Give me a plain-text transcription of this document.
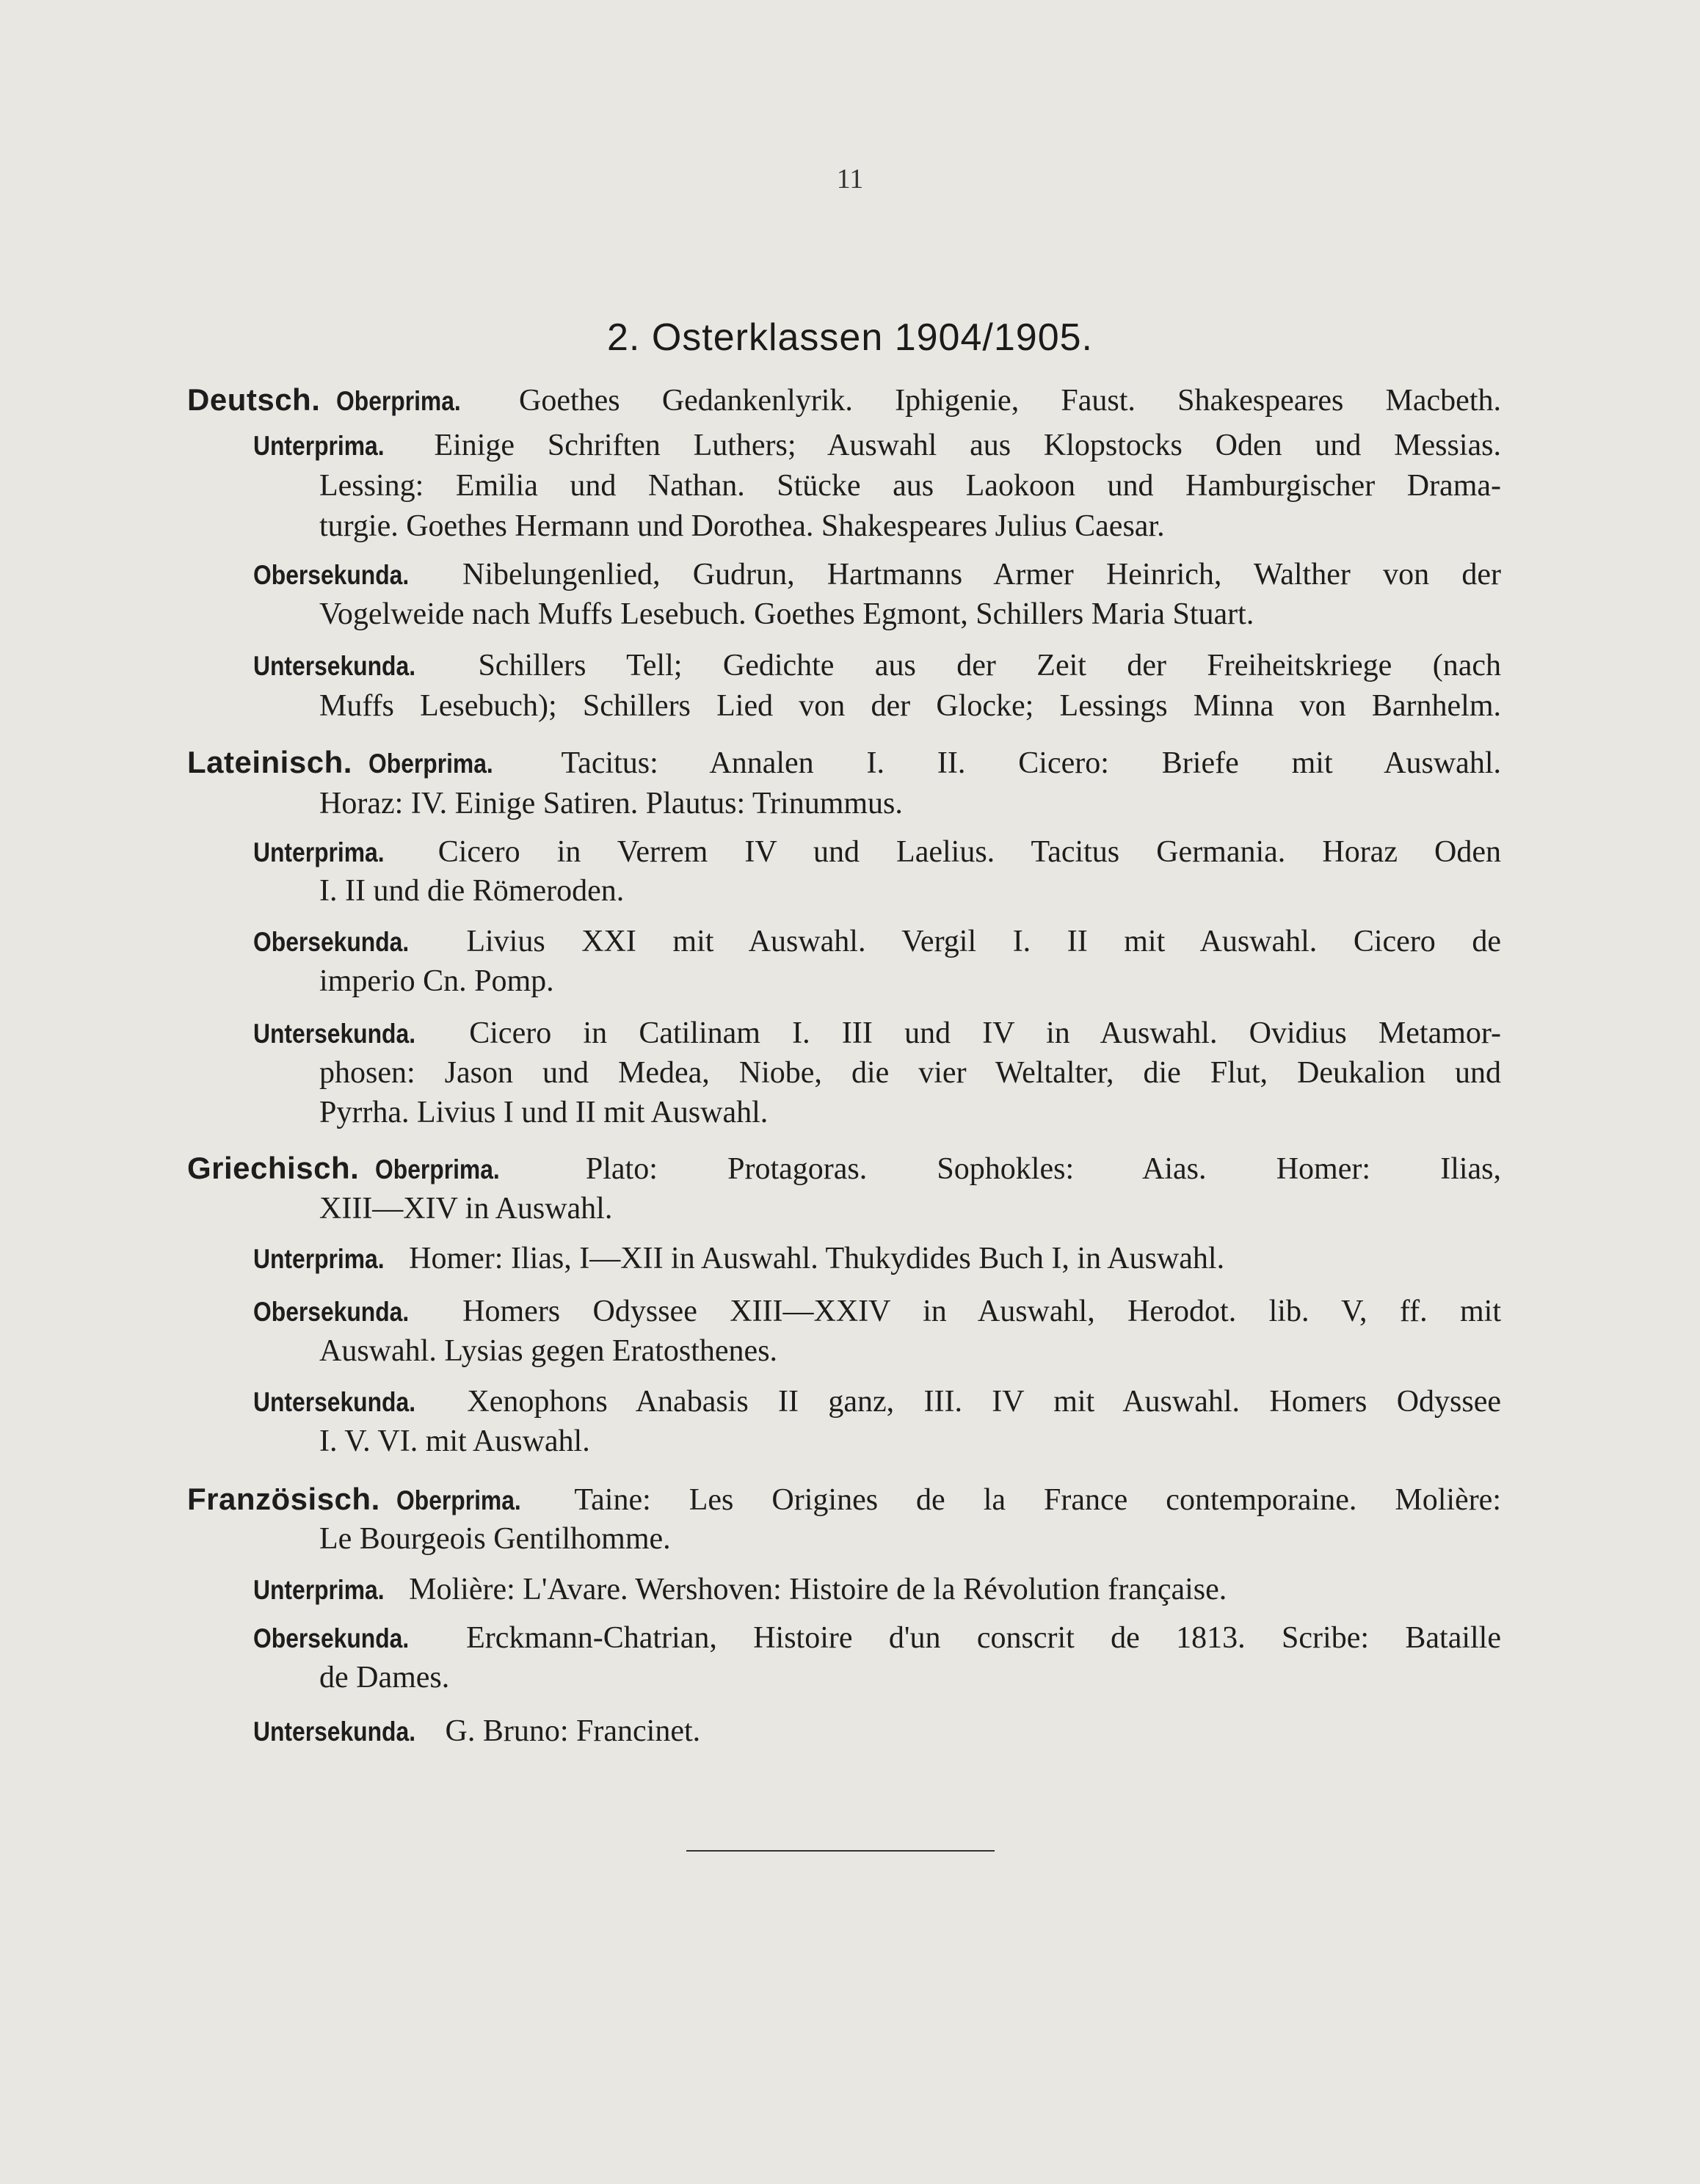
11
2. Osterklassen 1904/1905.
Deutsch. Oberprima. Goethes Gedankenlyrik. Iphigenie, Faust. Shakespeares Macbeth.
Unterprima. Einige Schriften Luthers; Auswahl aus Klopstocks Oden und Messias.
Lessing: Emilia und Nathan. Stücke aus Laokoon und Hamburgischer Drama-
turgie. Goethes Hermann und Dorothea. Shakespeares Julius Caesar.
Obersekunda. Nibelungenlied, Gudrun, Hartmanns Armer Heinrich, Walther von der
Vogelweide nach Muffs Lesebuch. Goethes Egmont, Schillers Maria Stuart.
Untersekunda. Schillers Tell; Gedichte aus der Zeit der Freiheitskriege (nach
Muffs Lesebuch); Schillers Lied von der Glocke; Lessings Minna von Barnhelm.
Lateinisch. Oberprima. Tacitus: Annalen I. II. Cicero: Briefe mit Auswahl.
Horaz: IV. Einige Satiren. Plautus: Trinummus.
Unterprima. Cicero in Verrem IV und Laelius. Tacitus Germania. Horaz Oden
I. II und die Römeroden.
Obersekunda. Livius XXI mit Auswahl. Vergil I. II mit Auswahl. Cicero de
imperio Cn. Pomp.
Untersekunda. Cicero in Catilinam I. III und IV in Auswahl. Ovidius Metamor-
phosen: Jason und Medea, Niobe, die vier Weltalter, die Flut, Deukalion und
Pyrrha. Livius I und II mit Auswahl.
Griechisch. Oberprima.	Plato: Protagoras. Sophokles: Aias. Homer: Ilias,
XIII—XIV in Auswahl.
Unterprima. Homer: Ilias, I—XII in Auswahl. Thukydides Buch I, in Auswahl.
Obersekunda. Homers Odyssee XIII—XXIV in Auswahl, Herodot. lib. V, ff. mit
Auswahl. Lysias gegen Eratosthenes.
Untersekunda. Xenophons Anabasis II ganz, III. IV mit Auswahl. Homers Odyssee
I. V. VI. mit Auswahl.
Französisch. Oberprima. Taine: Les Origines de la France contemporaine. Molière:
Le Bourgeois Gentilhomme.
Unterprima. Molière: L'Avare. Wershoven: Histoire de la Révolution française.
Obersekunda. Erckmann-Chatrian, Histoire d'un conscrit de 1813. Scribe: Bataille
de Dames.
Untersekunda. G. Bruno: Francinet.
